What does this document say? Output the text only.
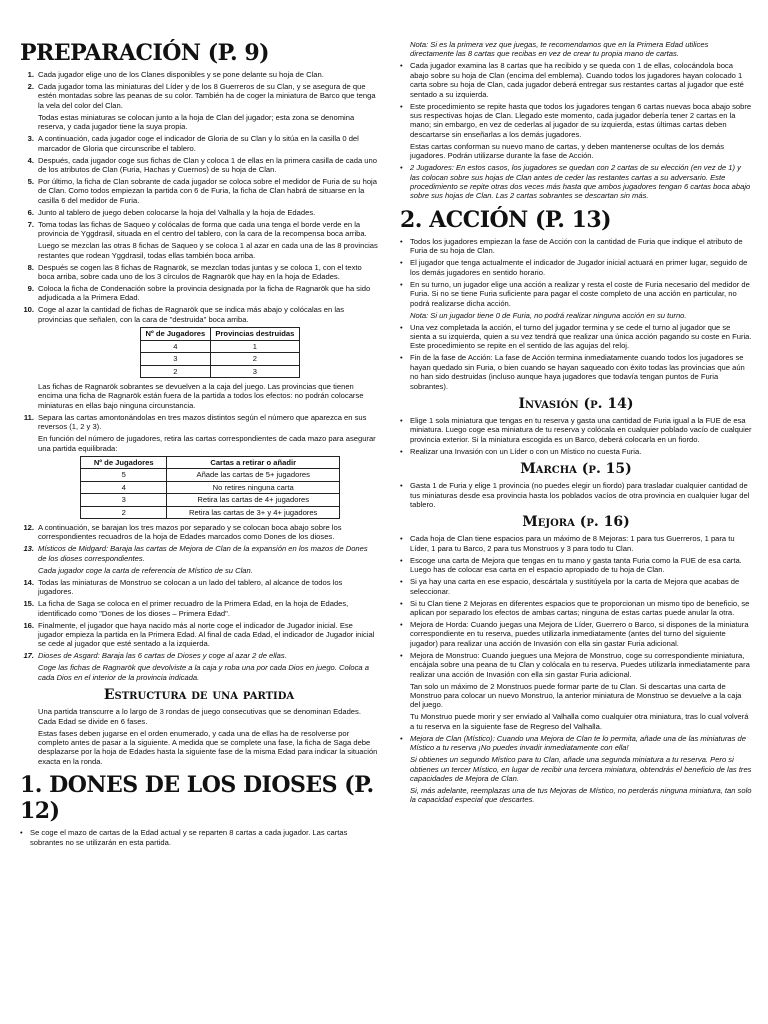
PREPARACIÓN (P. 9)
1. Cada jugador elige uno de los Clanes disponibles y se pone delante su hoja de Clan.
2. Cada jugador toma las miniaturas del Líder y de los 8 Guerreros de su Clan, y se asegura de que estén montadas sobre las peanas de su color. También ha de coger la miniatura de Barco que tenga la vela del color del Clan.
Todas estas miniaturas se colocan junto a la hoja de Clan del jugador; esta zona se denomina reserva, y cada jugador tiene la suya propia.
3. A continuación, cada jugador coge el indicador de Gloria de su Clan y lo sitúa en la casilla 0 del marcador de Gloria que circunscribe el tablero.
4. Después, cada jugador coge sus fichas de Clan y coloca 1 de ellas en la primera casilla de cada uno de los atributos de Clan (Furia, Hachas y Cuernos) de su hoja de Clan.
5. Por último, la ficha de Clan sobrante de cada jugador se coloca sobre el medidor de Furia de su hoja de Clan. Como todos empiezan la partida con 6 de Furia, la ficha de Clan habrá de situarse en la casilla 6 del medidor de Furia.
6. Junto al tablero de juego deben colocarse la hoja del Valhalla y la hoja de Edades.
7. Toma todas las fichas de Saqueo y colócalas de forma que cada una tenga el borde verde en la provincia de Yggdrasil, situada en el centro del tablero, con la cara de la recompensa boca arriba.
Luego se mezclan las otras 8 fichas de Saqueo y se coloca 1 al azar en cada una de las 8 provincias restantes que rodean Yggdrasil, todas ellas también boca arriba.
8. Después se cogen las 8 fichas de Ragnarök, se mezclan todas juntas y se coloca 1, con el texto boca arriba, sobre cada uno de los 3 círculos de Ragnarök que hay en la hoja de Edades.
9. Coloca la ficha de Condenación sobre la provincia designada por la ficha de Ragnarök que ha sido adjudicada a la Primera Edad.
10. Coge al azar la cantidad de fichas de Ragnarök que se indica más abajo y colócalas en las provincias que señalen, con la cara de "destruida" boca arriba.
Nº de Jugadores	Provincias destruidas
4	1
3	2
2	3
Las fichas de Ragnarök sobrantes se devuelven a la caja del juego. Las provincias que tienen encima una ficha de Ragnarök están fuera de la partida a todos los efectos: no podrán colocarse miniaturas en ellas bajo ninguna circunstancia.
11. Separa las cartas amontonándolas en tres mazos distintos según el número que aparezca en sus reversos (1, 2 y 3).
En función del número de jugadores, retira las cartas correspondientes de cada mazo para asegurar una partida equilibrada:
Nº de Jugadores	Cartas a retirar o añadir
5	Añade las cartas de 5+ jugadores
4	No retires ninguna carta
3	Retira las cartas de 4+ jugadores
2	Retira las cartas de 3+ y 4+ jugadores
12. A continuación, se barajan los tres mazos por separado y se colocan boca abajo sobre los correspondientes recuadros de la hoja de Edades marcados como Dones de los dioses.
13. Místicos de Midgard: Baraja las cartas de Mejora de Clan de la expansión en los mazos de Dones de los dioses correspondientes.
Cada jugador coge la carta de referencia de Místico de su Clan.
14. Todas las miniaturas de Monstruo se colocan a un lado del tablero, al alcance de todos los jugadores.
15. La ficha de Saga se coloca en el primer recuadro de la Primera Edad, en la hoja de Edades, identificado como "Dones de los dioses – Primera Edad".
16. Finalmente, el jugador que haya nacido más al norte coge el indicador de Jugador inicial. Ese jugador empieza la partida en la Primera Edad. Al final de cada Edad, el indicador de Jugador inicial se cede al jugador que esté sentado a la izquierda.
17. Dioses de Asgard: Baraja las 6 cartas de Dioses y coge al azar 2 de ellas.
Coge las fichas de Ragnarök que devolviste a la caja y roba una por cada Dios en juego. Coloca a cada Dios en el interior de la provincia indicada.
Estructura de una partida
Una partida transcurre a lo largo de 3 rondas de juego consecutivas que se denominan Edades. Cada Edad se divide en 6 fases.
Estas fases deben jugarse en el orden enumerado, y cada una de ellas ha de resolverse por completo antes de pasar a la siguiente. A medida que se complete una fase, la ficha de Saga debe desplazarse por la hoja de Edades hasta la siguiente fase de la misma Edad para indicar la situación exacta en la ronda.
1. DONES DE LOS DIOSES (P. 12)
• Se coge el mazo de cartas de la Edad actual y se reparten 8 cartas a cada jugador. Las cartas sobrantes no se utilizarán en esta partida.
Nota: Si es la primera vez que juegas, te recomendamos que en la Primera Edad utilices directamente las 8 cartas que recibas en vez de crear tu propia mano de cartas.
• Cada jugador examina las 8 cartas que ha recibido y se queda con 1 de ellas, colocándola boca abajo sobre su hoja de Clan (encima del emblema). Cuando todos los jugadores hayan colocado 1 carta sobre su hoja de Clan, cada jugador deberá entregar sus restantes cartas al jugador que esté sentado a su izquierda.
• Este procedimiento se repite hasta que todos los jugadores tengan 6 cartas nuevas boca abajo sobre sus respectivas hojas de Clan. Llegado este momento, cada jugador debería tener 2 cartas en la mano; sin embargo, en vez de cederlas al jugador de su izquierda, estas últimas cartas deben descartarse sin enseñarlas a los demás jugadores.
Estas cartas conforman su nuevo mano de cartas, y deben mantenerse ocultas de los demás jugadores. Podrán utilizarse durante la fase de Acción.
• 2 Jugadores: En estos casos, los jugadores se quedan con 2 cartas de su elección (en vez de 1) y las colocan sobre sus hojas de Clan antes de ceder las restantes cartas a su adversario. Este procedimiento se repite otras dos veces más hasta que ambos jugadores tengan 6 cartas boca abajo sobre sus hojas de Clan. Las 2 cartas sobrantes se descartan sin más.
2. ACCIÓN (P. 13)
• Todos los jugadores empiezan la fase de Acción con la cantidad de Furia que indique el atributo de Furia de su hoja de Clan.
• El jugador que tenga actualmente el indicador de Jugador inicial actuará en primer lugar, seguido de los demás jugadores en sentido horario.
• En su turno, un jugador elige una acción a realizar y resta el coste de Furia necesario del medidor de Furia. Si no se tiene Furia suficiente para pagar el coste completo de una acción en particular, no podrá realizarse dicha acción.
Nota: Si un jugador tiene 0 de Furia, no podrá realizar ninguna acción en su turno.
• Una vez completada la acción, el turno del jugador termina y se cede el turno al jugador que se sienta a su izquierda, quien a su vez tendrá que realizar una única acción pagando su coste en Furia. Este procedimiento se repite en el sentido de las agujas del reloj.
• Fin de la fase de Acción: La fase de Acción termina inmediatamente cuando todos los jugadores se hayan quedado sin Furia, o bien cuando se hayan saqueado con éxito todas las provincias que aún no han sido destruidas (incluso aunque haya jugadores que todavía tengan puntos de Furia sobrantes).
Invasión (p. 14)
• Elige 1 sola miniatura que tengas en tu reserva y gasta una cantidad de Furia igual a la FUE de esa miniatura. Luego coge esa miniatura de tu reserva y colócala en cualquier poblado vacío de cualquier provincia exterior. Si la miniatura escogida es un Barco, deberá colocarla en un fiordo.
• Realizar una Invasión con un Líder o con un Místico no cuesta Furia.
Marcha (p. 15)
• Gasta 1 de Furia y elige 1 provincia (no puedes elegir un fiordo) para trasladar cualquier cantidad de tus miniaturas desde esa provincia hasta los poblados vacíos de otra provincia en cualquier lugar del tablero.
Mejora (p. 16)
• Cada hoja de Clan tiene espacios para un máximo de 8 Mejoras: 1 para tus Guerreros, 1 para tu Líder, 1 para tu Barco, 2 para tus Monstruos y 3 para todo tu Clan.
• Escoge una carta de Mejora que tengas en tu mano y gasta tanta Furia como la FUE de esa carta. Luego has de colocar esa carta en el espacio apropiado de tu hoja de Clan.
• Si ya hay una carta en ese espacio, descártala y sustitúyela por la carta de Mejora que acabas de seleccionar.
• Si tu Clan tiene 2 Mejoras en diferentes espacios que te proporcionan un mismo tipo de beneficio, se aplican por separado los efectos de ambas cartas; ninguna de estas cartas puede anular la otra.
• Mejora de Horda: Cuando juegas una Mejora de Líder, Guerrero o Barco, si dispones de la miniatura correspondiente en tu reserva, puedes utilizarla inmediatamente (antes del turno del siguiente jugador) para realizar una acción de Invasión con ella sin gastar Furia adicional.
• Mejora de Monstruo: Cuando juegues una Mejora de Monstruo, coge su correspondiente miniatura, encájala sobre una peana de tu Clan y colócala en tu reserva. Puedes utilizarla inmediatamente para realizar una acción de Invasión con ella sin gastar Furia adicional.
Tan solo un máximo de 2 Monstruos puede formar parte de tu Clan. Si descartas una carta de Monstruo para colocar un nuevo Monstruo, la anterior miniatura de Monstruo se devuelve a la caja del juego.
Tu Monstruo puede morir y ser enviado al Valhalla como cualquier otra miniatura, tras lo cual volverá a tu reserva en la siguiente fase de Regreso del Valhalla.
• Mejora de Clan (Místico): Cuando una Mejora de Clan te lo permita, añade una de las miniaturas de Místico a tu reserva ¡No puedes invadir inmediatamente con ella!
Si obtienes un segundo Místico para tu Clan, añade una segunda miniatura a tu reserva. Pero si obtienes un tercer Místico, en lugar de recibir una tercera miniatura, obtendrás el beneficio de las tres capacidades de Mejora de Clan.
Si, más adelante, reemplazas una de tus Mejoras de Místico, no perderás ninguna miniatura, tan solo la capacidad especial que descartes.
